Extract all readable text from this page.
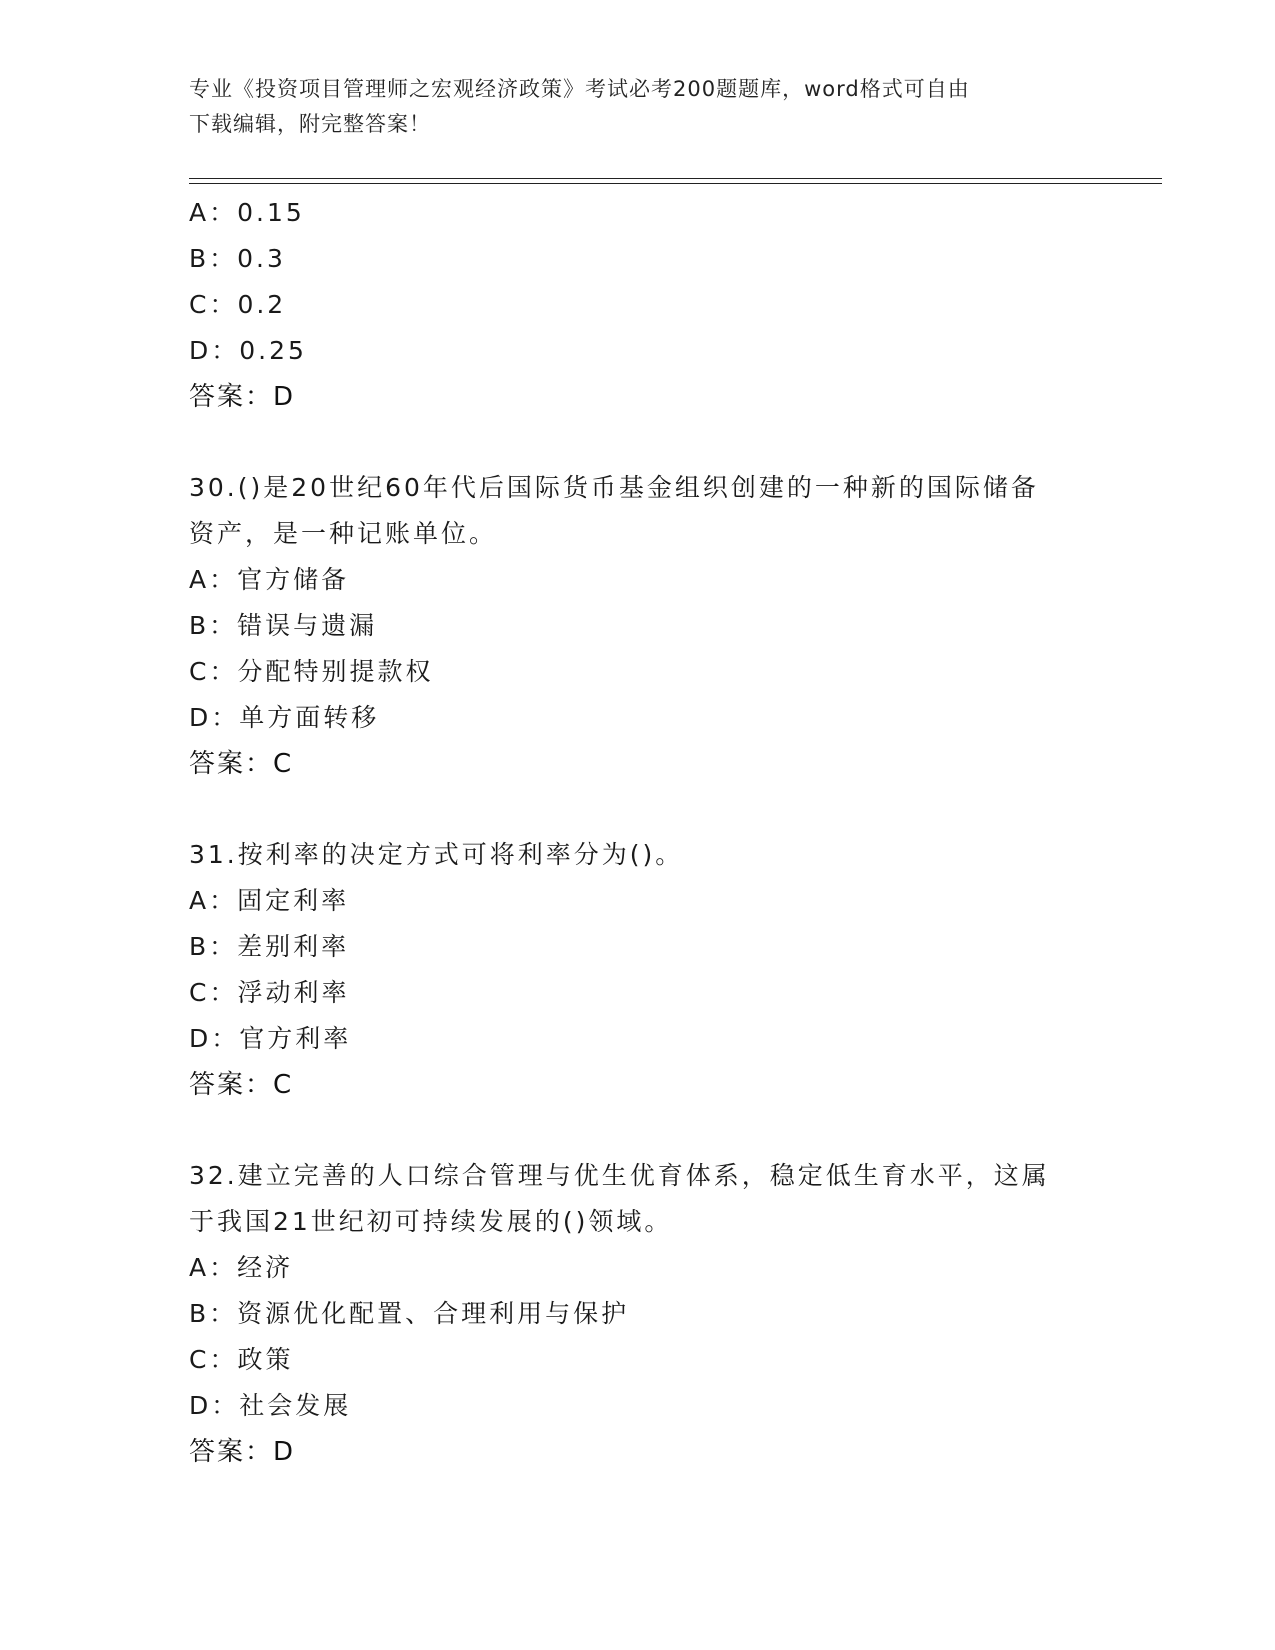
专业《投资项目管理师之宏观经济政策》考试必考200题题库，word格式可自由
下载编辑，附完整答案！
A：0.15
B：0.3
C：0.2
D：0.25
答案：D
30.()是20世纪60年代后国际货币基金组织创建的一种新的国际储备
资产，是一种记账单位。
A：官方储备
B：错误与遗漏
C：分配特别提款权
D：单方面转移
答案：C
31.按利率的决定方式可将利率分为()。
A：固定利率
B：差别利率
C：浮动利率
D：官方利率
答案：C
32.建立完善的人口综合管理与优生优育体系，稳定低生育水平，这属
于我国21世纪初可持续发展的()领域。
A：经济
B：资源优化配置、合理利用与保护
C：政策
D：社会发展
答案：D
